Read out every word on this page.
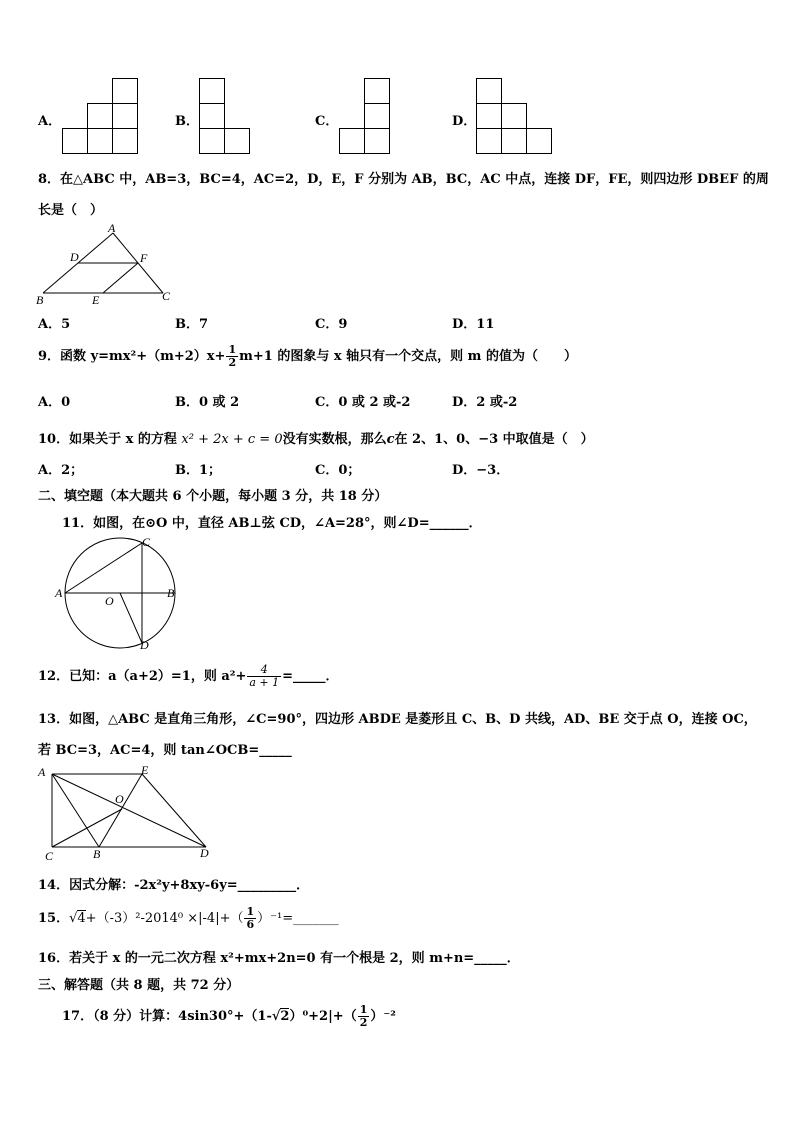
A．	B．	C．	D．
8．在△ABC 中，AB=3，BC=4，AC=2，D，E，F 分别为 AB，BC，AC 中点，连接 DF，FE，则四边形 DBEF 的周
长是（　）
A
D	F
B	E	C
A．5	B．7	C．9	D．11
9．函数 $y=mx^2+(m+2)x+ \frac{1}{2} m+1$ 的图象与 x 轴只有一个交点，则 m 的值为（　　）
A．0	B．0 或 2	C．0 或 2 或-2	D．2 或-2
10．如果关于 x 的方程 x² + 2x + c = 0没有实数根，那么c在 2、1、0、−3 中取值是（　）
A．2；	B．1；	C．0；	D．−3．
二、填空题（本大题共 6 个小题，每小题 3 分，共 18 分）
11．如图，在⊙O 中，直径 AB⊥弦 CD，∠A=28°，则∠D=______．
C
A
O
B
D
12．已知：a（a+2）=1，则 $a^2+ \frac{4}{a + 1}$ =_____．
13．如图，△ABC 是直角三角形，∠C=90°，四边形 ABDE 是菱形且 C、B、D 共线，AD、BE 交于点 O，连接 OC，
若 BC=3，AC=4，则 tan∠OCB=_____
A	E
O
C	B	D
14．因式分解：-2x²y+8xy-6y=_________．
15．$√4+(-3)^2-2014^0 \times|-4|+( \frac{1}{6}$ ）⁻¹=_______
16．若关于 x 的一元二次方程 x²+mx+2n=0 有一个根是 2，则 m+n=_____．
三、解答题（共 8 题，共 72 分）
17．（8 分）计算：$4\sin 30^\circ+(1-√2)^0+2|+( \frac{1}{2} )^{-2}$
